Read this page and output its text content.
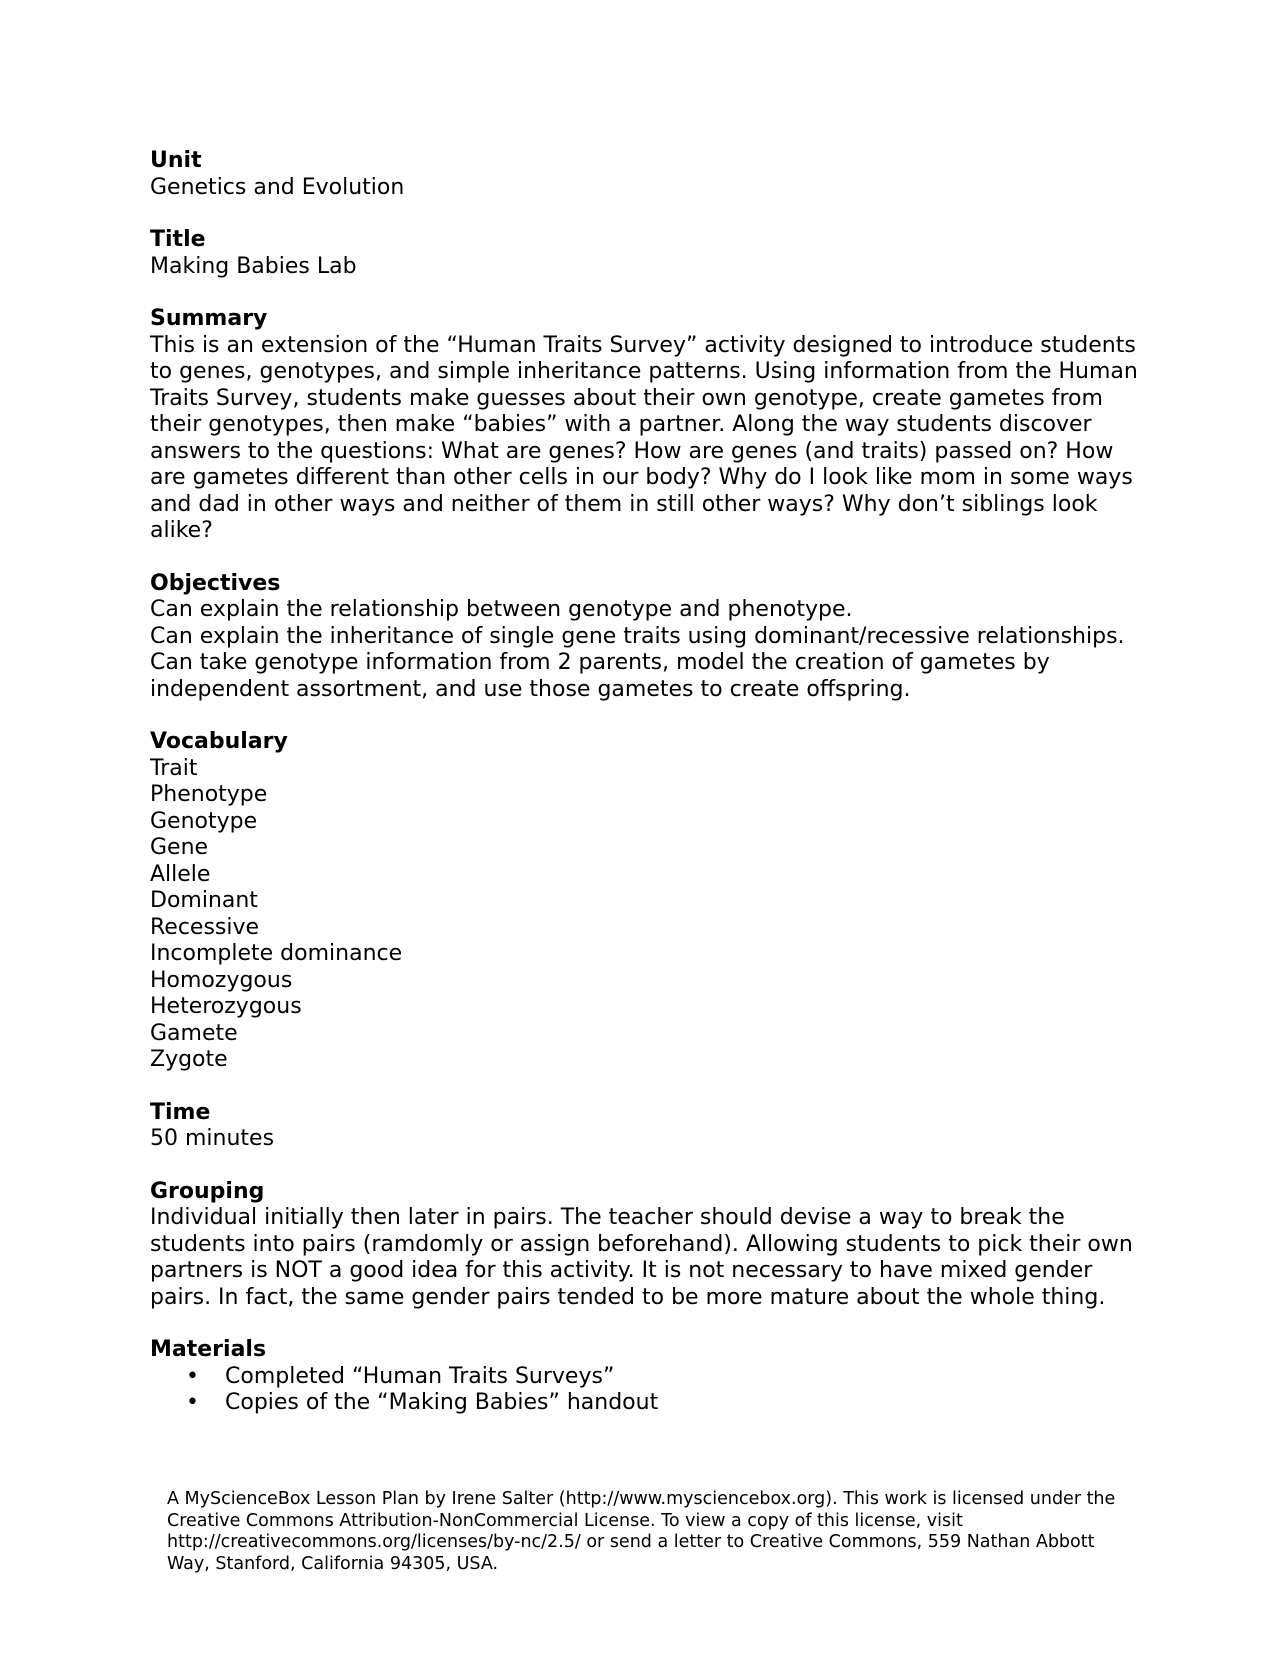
Unit
Genetics and Evolution
Title
Making Babies Lab
Summary
This is an extension of the “Human Traits Survey” activity designed to introduce students to genes, genotypes, and simple inheritance patterns. Using information from the Human Traits Survey, students make guesses about their own genotype, create gametes from their genotypes, then make “babies” with a partner. Along the way students discover answers to the questions: What are genes? How are genes (and traits) passed on? How are gametes different than other cells in our body? Why do I look like mom in some ways and dad in other ways and neither of them in still other ways? Why don’t siblings look alike?
Objectives
Can explain the relationship between genotype and phenotype.
Can explain the inheritance of single gene traits using dominant/recessive relationships.
Can take genotype information from 2 parents, model the creation of gametes by independent assortment, and use those gametes to create offspring.
Vocabulary
Trait
Phenotype
Genotype
Gene
Allele
Dominant
Recessive
Incomplete dominance
Homozygous
Heterozygous
Gamete
Zygote
Time
50 minutes
Grouping
Individual initially then later in pairs. The teacher should devise a way to break the students into pairs (ramdomly or assign beforehand). Allowing students to pick their own partners is NOT a good idea for this activity. It is not necessary to have mixed gender pairs. In fact, the same gender pairs tended to be more mature about the whole thing.
Materials
• Completed “Human Traits Surveys”
• Copies of the “Making Babies” handout
A MyScienceBox Lesson Plan by Irene Salter (http://www.mysciencebox.org). This work is licensed under the Creative Commons Attribution-NonCommercial License. To view a copy of this license, visit http://creativecommons.org/licenses/by-nc/2.5/ or send a letter to Creative Commons, 559 Nathan Abbott Way, Stanford, California 94305, USA.
